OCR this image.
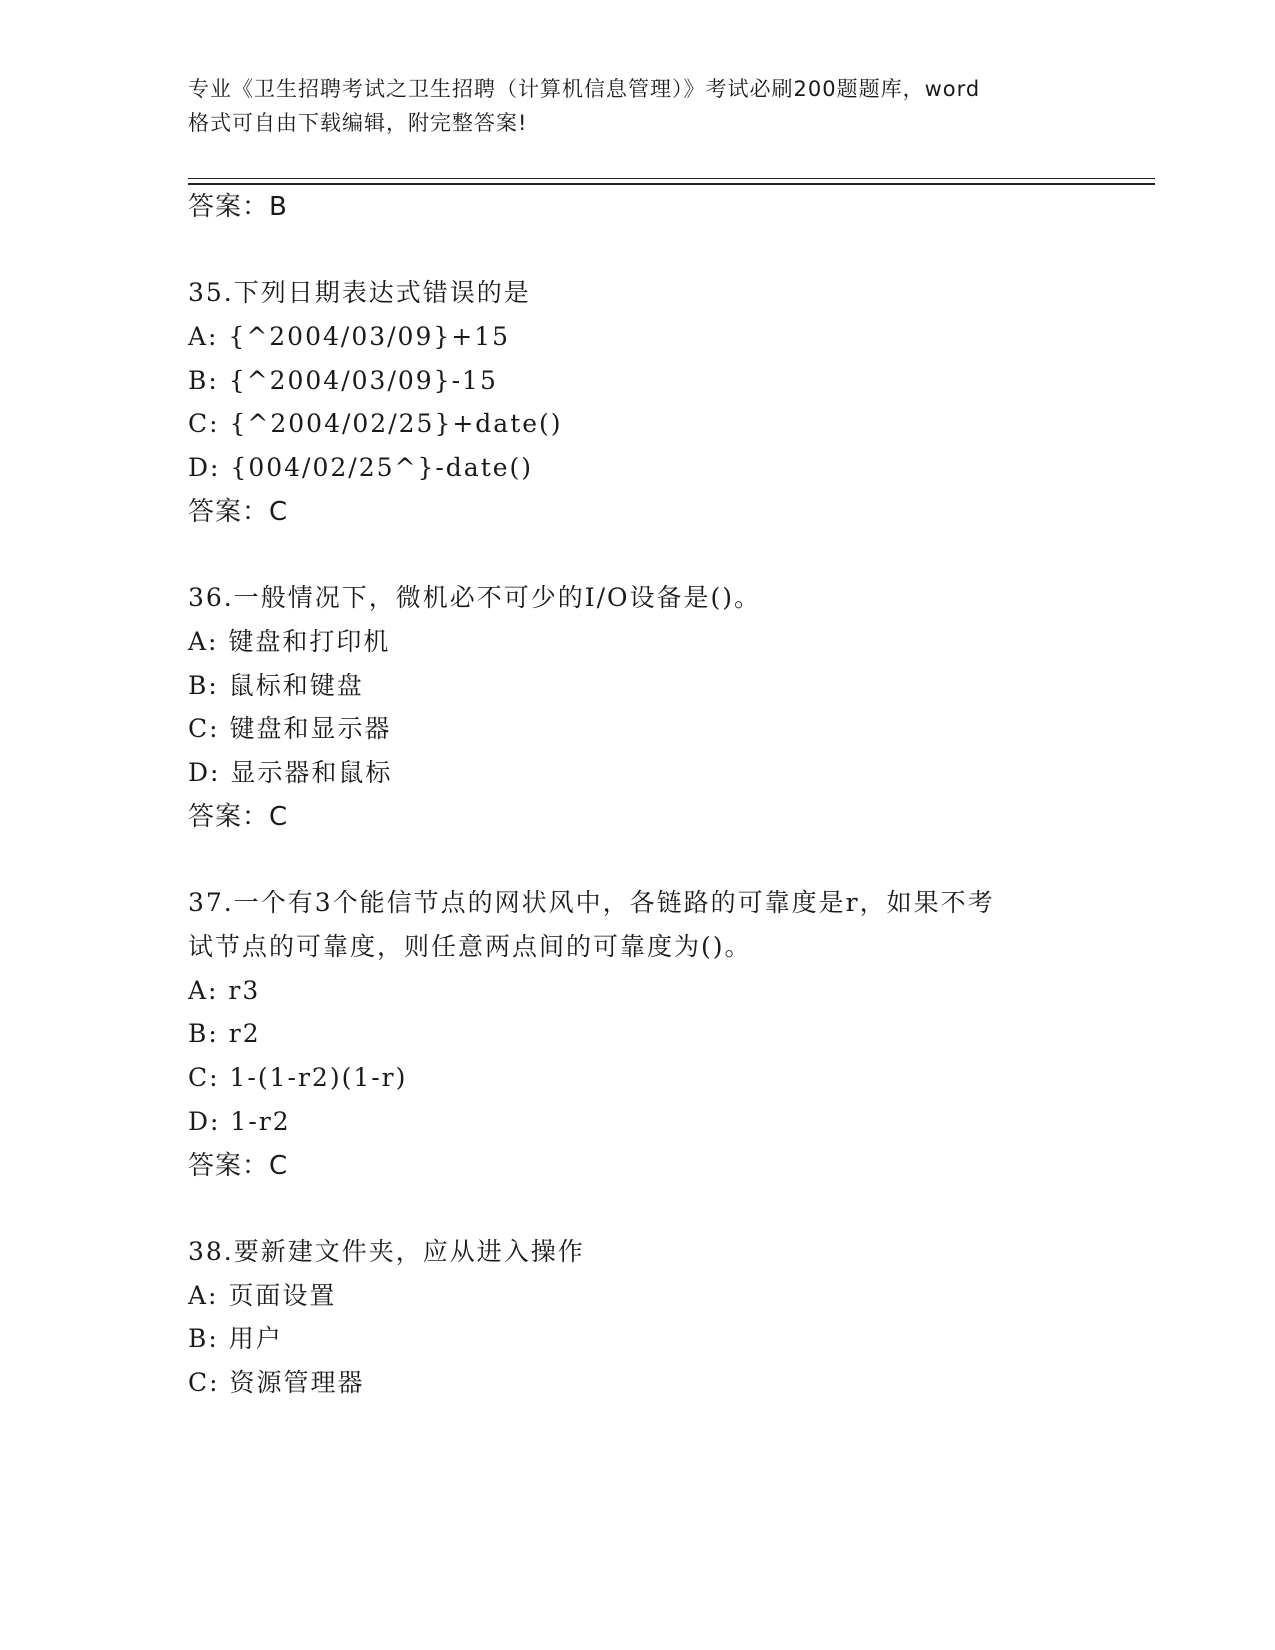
专业《卫生招聘考试之卫生招聘（计算机信息管理）》考试必刷200题题库，word
格式可自由下载编辑，附完整答案!
答案：B
35.下列日期表达式错误的是
A: {^2004/03/09}+15
B: {^2004/03/09}-15
C: {^2004/02/25}+date()
D: {004/02/25^}-date()
答案：C
36.一般情况下，微机必不可少的I/O设备是()。
A: 键盘和打印机
B: 鼠标和键盘
C: 键盘和显示器
D: 显示器和鼠标
答案：C
37.一个有3个能信节点的网状风中，各链路的可靠度是r，如果不考
试节点的可靠度，则任意两点间的可靠度为()。
A: r3
B: r2
C: 1-(1-r2)(1-r)
D: 1-r2
答案：C
38.要新建文件夹，应从进入操作
A: 页面设置
B: 用户
C: 资源管理器
